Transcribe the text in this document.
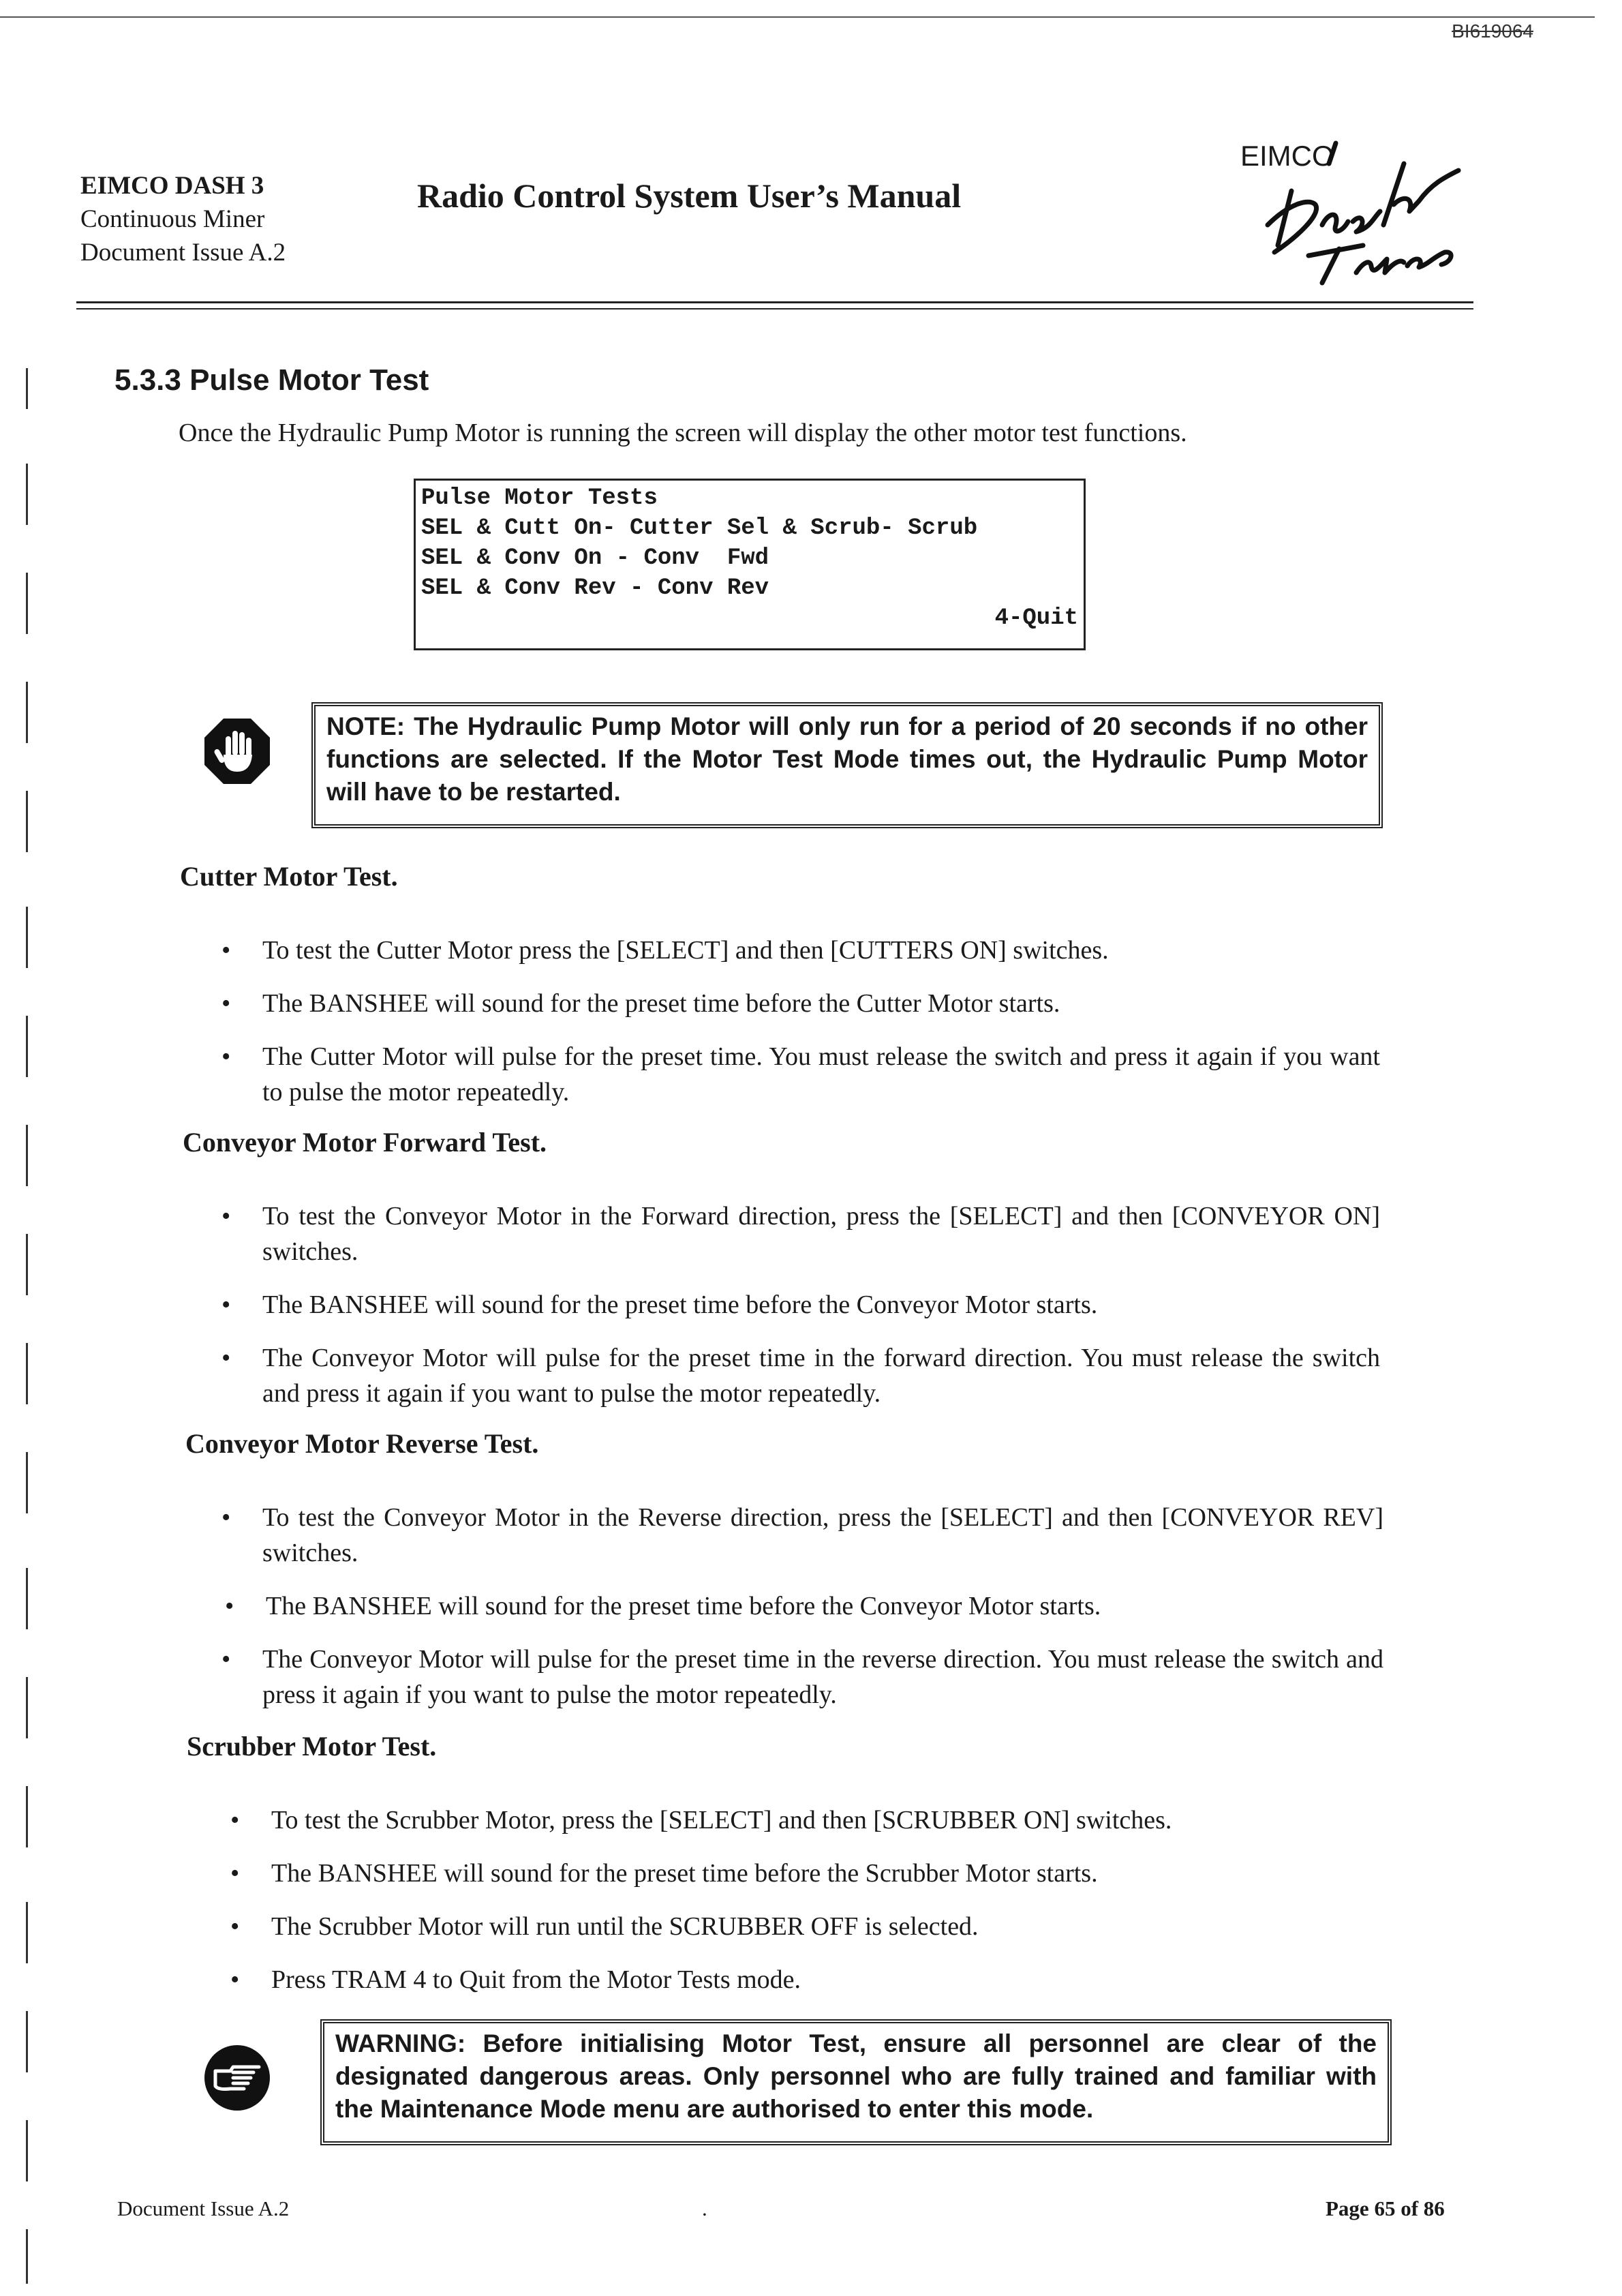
BI619064
EIMCO DASH 3
Continuous Miner
Document Issue A.2
Radio Control System User’s Manual
EIMCO
5.3.3 Pulse Motor Test
Once the Hydraulic Pump Motor is running the screen will display the other motor test functions.
Pulse Motor Tests
SEL & Cutt On- Cutter Sel & Scrub- Scrub
SEL & Conv On - Conv  Fwd
SEL & Conv Rev - Conv Rev
4-Quit
NOTE: The Hydraulic Pump Motor will only run for a period of 20 seconds if no other functions are selected. If the Motor Test Mode times out, the Hydraulic Pump Motor will have to be restarted.
Cutter Motor Test.
• To test the Cutter Motor press the [SELECT] and then [CUTTERS ON] switches.
• The BANSHEE will sound for the preset time before the Cutter Motor starts.
• The Cutter Motor will pulse for the preset time. You must release the switch and press it again if you want to pulse the motor repeatedly.
Conveyor Motor Forward Test.
• To test the Conveyor Motor in the Forward direction, press the [SELECT] and then [CONVEYOR ON] switches.
• The BANSHEE will sound for the preset time before the Conveyor Motor starts.
• The Conveyor Motor will pulse for the preset time in the forward direction. You must release the switch and press it again if you want to pulse the motor repeatedly.
Conveyor Motor Reverse Test.
• To test the Conveyor Motor in the Reverse direction, press the [SELECT] and then [CONVEYOR REV] switches.
• The BANSHEE will sound for the preset time before the Conveyor Motor starts.
• The Conveyor Motor will pulse for the preset time in the reverse direction. You must release the switch and press it again if you want to pulse the motor repeatedly.
Scrubber Motor Test.
• To test the Scrubber Motor, press the [SELECT] and then [SCRUBBER ON] switches.
• The BANSHEE will sound for the preset time before the Scrubber Motor starts.
• The Scrubber Motor will run until the SCRUBBER OFF is selected.
• Press TRAM 4 to Quit from the Motor Tests mode.
WARNING: Before initialising Motor Test, ensure all personnel are clear of the designated dangerous areas. Only personnel who are fully trained and familiar with the Maintenance Mode menu are authorised to enter this mode.
Document Issue A.2	.	Page 65 of 86
